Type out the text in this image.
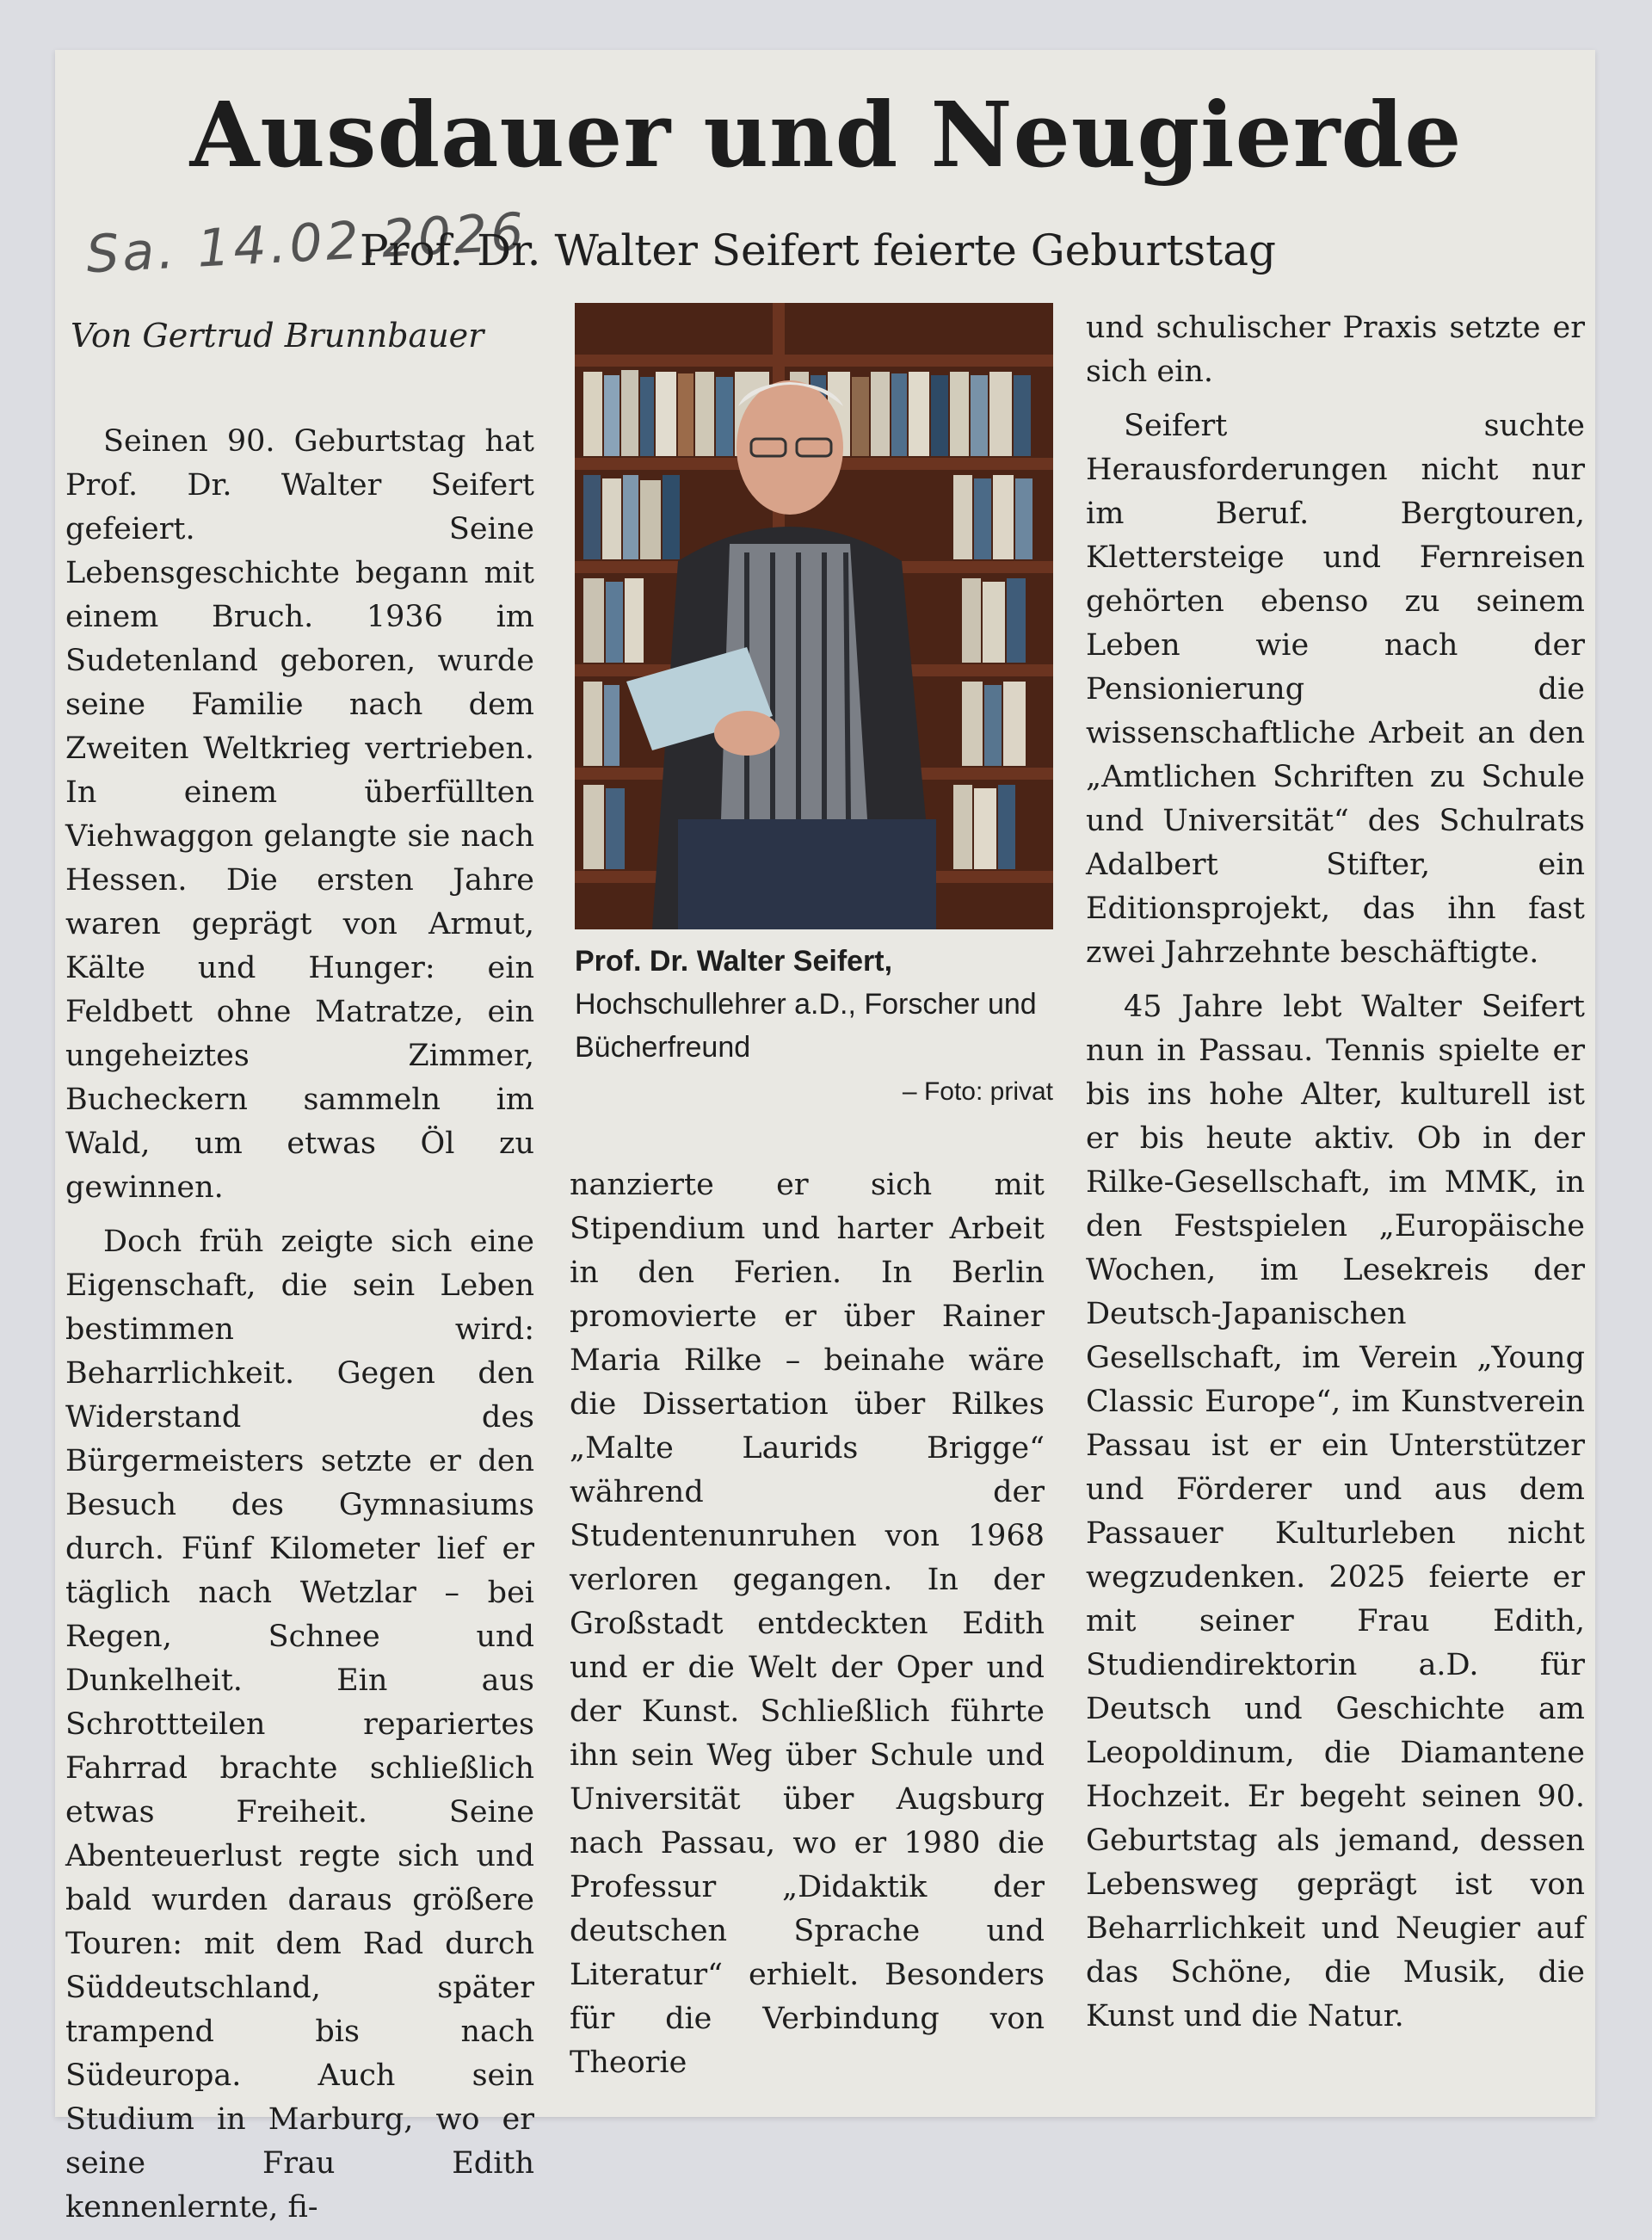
Ausdauer und Neugierde
Sa. 14.02.2026
Prof. Dr. Walter Seifert feierte Geburtstag
Von Gertrud Brunnbauer

Seinen 90. Geburtstag hat Prof. Dr. Walter Seifert gefeiert. Seine Lebensgeschichte begann mit einem Bruch. 1936 im Sudetenland geboren, wurde seine Familie nach dem Zweiten Weltkrieg vertrieben. In einem überfüllten Viehwaggon gelangte sie nach Hessen. Die ersten Jahre waren geprägt von Armut, Kälte und Hunger: ein Feldbett ohne Matratze, ein ungeheiztes Zimmer, Bucheckern sammeln im Wald, um etwas Öl zu gewinnen.

Doch früh zeigte sich eine Eigenschaft, die sein Leben bestimmen wird: Beharrlichkeit. Gegen den Widerstand des Bürgermeisters setzte er den Besuch des Gymnasiums durch. Fünf Kilometer lief er täglich nach Wetzlar – bei Regen, Schnee und Dunkelheit. Ein aus Schrottteilen repariertes Fahrrad brachte schließlich etwas Freiheit. Seine Abenteuerlust regte sich und bald wurden daraus größere Touren: mit dem Rad durch Süddeutschland, später trampend bis nach Südeuropa. Auch sein Studium in Marburg, wo er seine Frau Edith kennenlernte, fi-

Prof. Dr. Walter Seifert, Hochschullehrer a.D., Forscher und Bücherfreund
– Foto: privat

nanzierte er sich mit Stipendium und harter Arbeit in den Ferien. In Berlin promovierte er über Rainer Maria Rilke – beinahe wäre die Dissertation über Rilkes „Malte Laurids Brigge“ während der Studentenunruhen von 1968 verloren gegangen. In der Großstadt entdeckten Edith und er die Welt der Oper und der Kunst. Schließlich führte ihn sein Weg über Schule und Universität über Augsburg nach Passau, wo er 1980 die Professur „Didaktik der deutschen Sprache und Literatur“ erhielt. Besonders für die Verbindung von Theorie

und schulischer Praxis setzte er sich ein.

Seifert suchte Herausforderungen nicht nur im Beruf. Bergtouren, Klettersteige und Fernreisen gehörten ebenso zu seinem Leben wie nach der Pensionierung die wissenschaftliche Arbeit an den „Amtlichen Schriften zu Schule und Universität“ des Schulrats Adalbert Stifter, ein Editionsprojekt, das ihn fast zwei Jahrzehnte beschäftigte.

45 Jahre lebt Walter Seifert nun in Passau. Tennis spielte er bis ins hohe Alter, kulturell ist er bis heute aktiv. Ob in der Rilke-Gesellschaft, im MMK, in den Festspielen „Europäische Wochen, im Lesekreis der Deutsch-Japanischen Gesellschaft, im Verein „Young Classic Europe“, im Kunstverein Passau ist er ein Unterstützer und Förderer und aus dem Passauer Kulturleben nicht wegzudenken. 2025 feierte er mit seiner Frau Edith, Studiendirektorin a.D. für Deutsch und Geschichte am Leopoldinum, die Diamantene Hochzeit. Er begeht seinen 90. Geburtstag als jemand, dessen Lebensweg geprägt ist von Beharrlichkeit und Neugier auf das Schöne, die Musik, die Kunst und die Natur.
